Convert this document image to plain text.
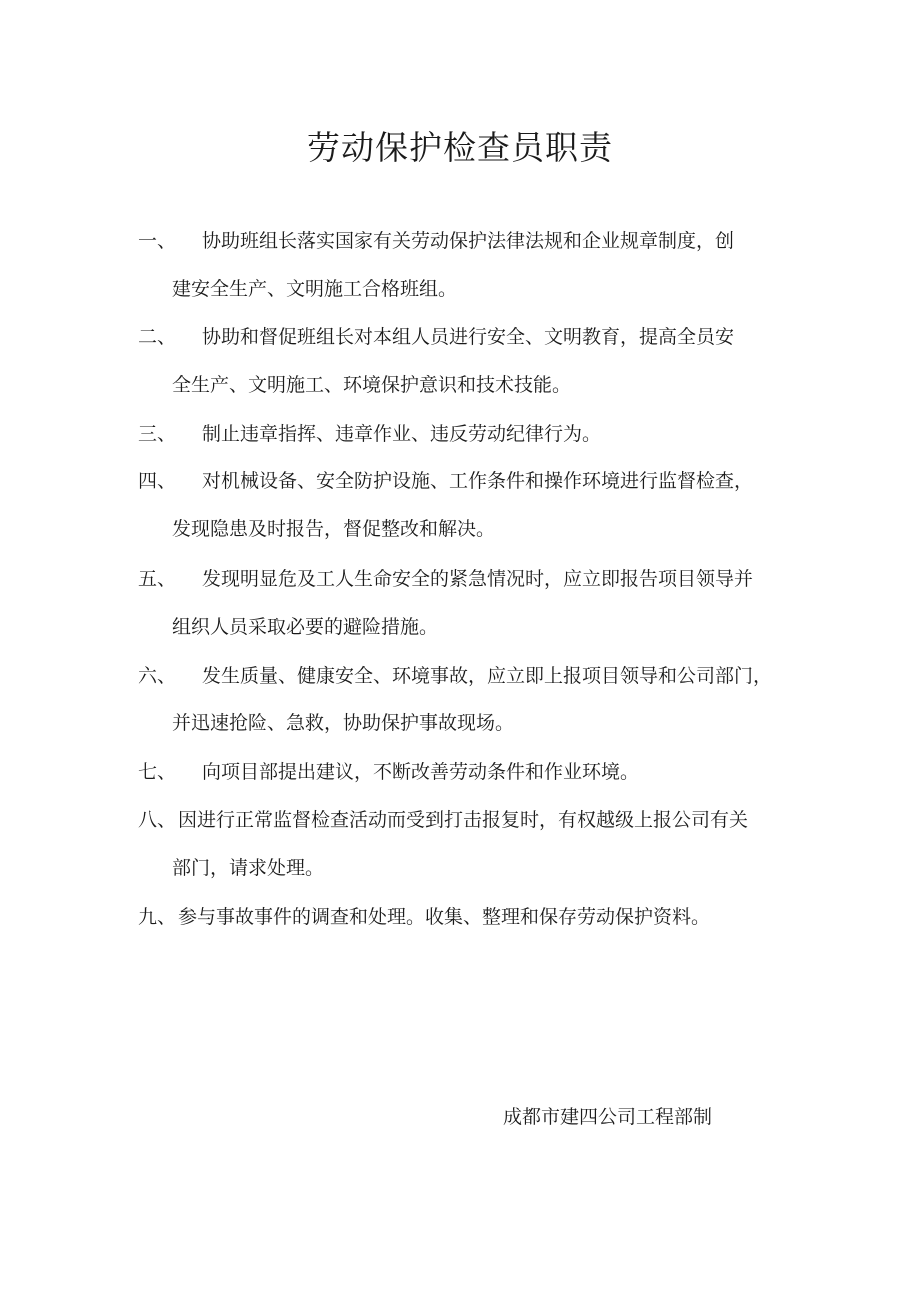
劳动保护检查员职责
一、 协助班组长落实国家有关劳动保护法律法规和企业规章制度，创
建安全生产、文明施工合格班组。
二、 协助和督促班组长对本组人员进行安全、文明教育，提高全员安
全生产、文明施工、环境保护意识和技术技能。
三、 制止违章指挥、违章作业、违反劳动纪律行为。
四、 对机械设备、安全防护设施、工作条件和操作环境进行监督检查，
发现隐患及时报告，督促整改和解决。
五、 发现明显危及工人生命安全的紧急情况时，应立即报告项目领导并
组织人员采取必要的避险措施。
六、 发生质量、健康安全、环境事故，应立即上报项目领导和公司部门，
并迅速抢险、急救，协助保护事故现场。
七、 向项目部提出建议，不断改善劳动条件和作业环境。
八、 因进行正常监督检查活动而受到打击报复时，有权越级上报公司有关
部门，请求处理。
九、 参与事故事件的调查和处理。收集、整理和保存劳动保护资料。
成都市建四公司工程部制
